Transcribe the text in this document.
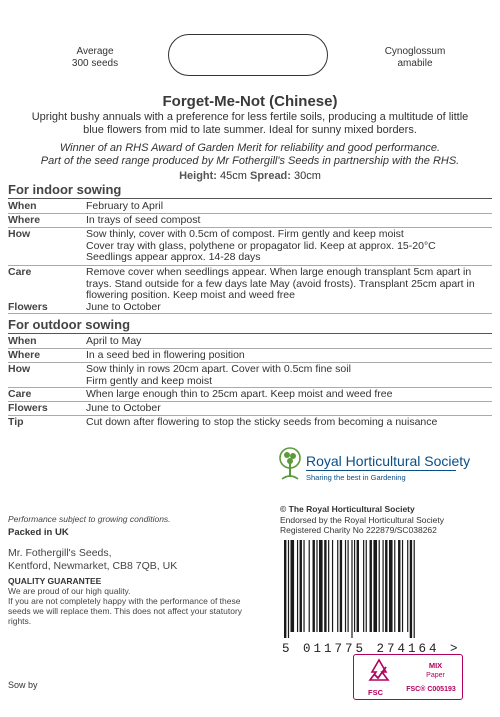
Average
300 seeds
Cynoglossum
amabile
Forget-Me-Not (Chinese)
Upright bushy annuals with a preference for less fertile soils, producing a multitude of little blue flowers from mid to late summer. Ideal for sunny mixed borders.
Winner of an RHS Award of Garden Merit for reliability and good performance.
Part of the seed range produced by Mr Fothergill's Seeds in partnership with the RHS.
Height: 45cm Spread: 30cm
For indoor sowing
When	February to April
Where	In trays of seed compost
How	Sow thinly, cover with 0.5cm of compost. Firm gently and keep moist
Cover tray with glass, polythene or propagator lid. Keep at approx. 15-20°C
Seedlings appear approx. 14-28 days
Care	Remove cover when seedlings appear. When large enough transplant 5cm apart in trays. Stand outside for a few days late May (avoid frosts). Transplant 25cm apart in flowering position. Keep moist and weed free
Flowers	June to October
For outdoor sowing
When	April to May
Where	In a seed bed in flowering position
How	Sow thinly in rows 20cm apart. Cover with 0.5cm fine soil
Firm gently and keep moist
Care	When large enough thin to 25cm apart. Keep moist and weed free
Flowers	June to October
Tip	Cut down after flowering to stop the sticky seeds from becoming a nuisance
Royal Horticultural Society
Sharing the best in Gardening
© The Royal Horticultural Society
Endorsed by the Royal Horticultural Society
Registered Charity No 222879/SC038262
5 011775 274164 >
Performance subject to growing conditions.
Packed in UK
Mr. Fothergill's Seeds,
Kentford, Newmarket, CB8 7QB, UK
QUALITY GUARANTEE
We are proud of our high quality.
If you are not completely happy with the performance of these seeds we will replace them. This does not affect your statutory rights.
Sow by
FSC
MIX
Paper
FSC® C005193
